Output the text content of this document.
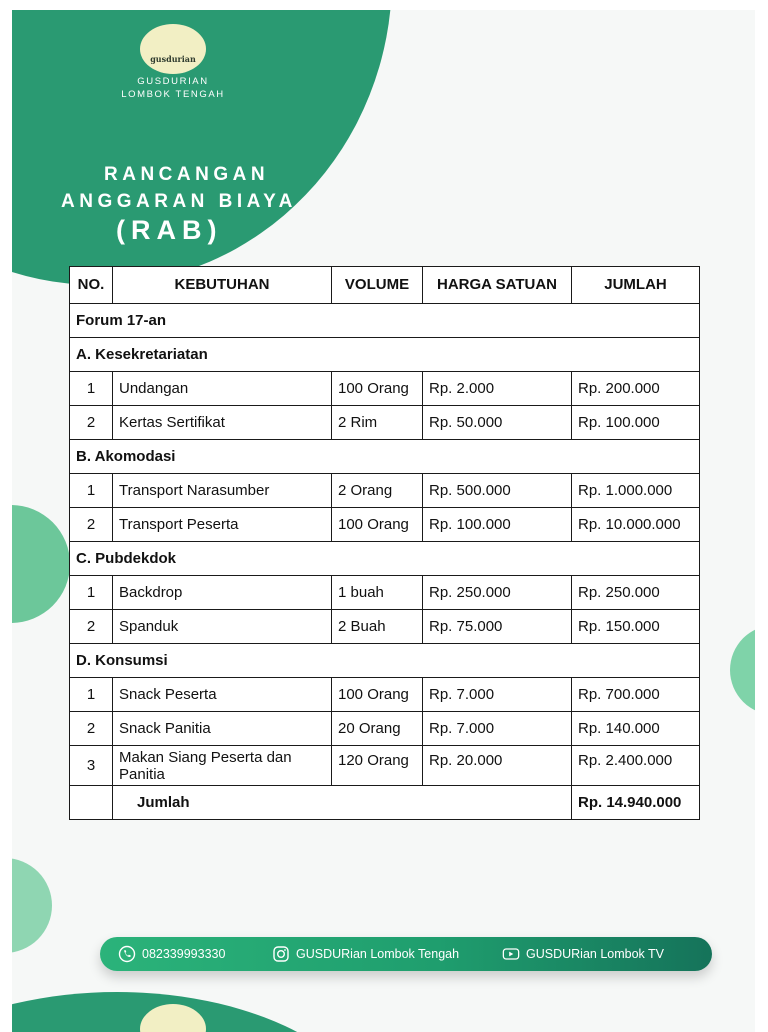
gusdurian
GUSDURIAN
LOMBOK TENGAH
RANCANGAN
ANGGARAN BIAYA
(RAB)
082339993330	GUSDURian Lombok Tengah	GUSDURian Lombok TV
NO.	KEBUTUHAN	VOLUME	HARGA SATUAN	JUMLAH
Forum 17-an				
A. Kesekretariatan				
1	Undangan	100 Orang	Rp. 2.000	Rp. 200.000
2	Kertas Sertifikat	2 Rim	Rp. 50.000	Rp. 100.000
B. Akomodasi				
1	Transport Narasumber	2 Orang	Rp. 500.000	Rp. 1.000.000
2	Transport Peserta	100 Orang	Rp. 100.000	Rp. 10.000.000
C. Pubdekdok				
1	Backdrop	1 buah	Rp. 250.000	Rp. 250.000
2	Spanduk	2 Buah	Rp. 75.000	Rp. 150.000
D. Konsumsi				
1	Snack Peserta	100 Orang	Rp. 7.000	Rp. 700.000
2	Snack Panitia	20 Orang	Rp. 7.000	Rp. 140.000
3	Makan Siang Peserta dan Panitia	120 Orang	Rp. 20.000	Rp. 2.400.000
	Jumlah			Rp. 14.940.000
